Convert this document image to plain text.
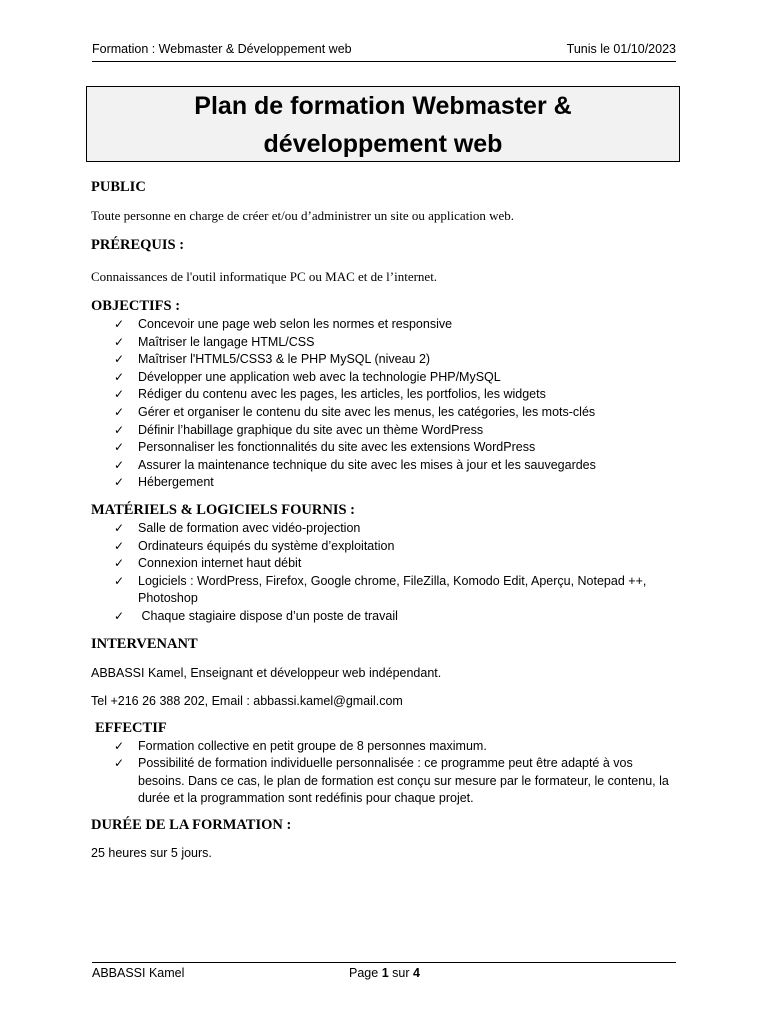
Formation : Webmaster & Développement web	Tunis le 01/10/2023
Plan de formation Webmaster &
développement web
PUBLIC

Toute personne en charge de créer et/ou d’administrer un site ou application web.

PRÉREQUIS :

Connaissances de l'outil informatique PC ou MAC et de l’internet.

OBJECTIFS :
✓ Concevoir une page web selon les normes et responsive
✓ Maîtriser le langage HTML/CSS
✓ Maîtriser l'HTML5/CSS3 & le PHP MySQL (niveau 2)
✓ Développer une application web avec la technologie PHP/MySQL
✓ Rédiger du contenu avec les pages, les articles, les portfolios, les widgets
✓ Gérer et organiser le contenu du site avec les menus, les catégories, les mots-clés
✓ Définir l’habillage graphique du site avec un thème WordPress
✓ Personnaliser les fonctionnalités du site avec les extensions WordPress
✓ Assurer la maintenance technique du site avec les mises à jour et les sauvegardes
✓ Hébergement
MATÉRIELS & LOGICIELS FOURNIS :
✓ Salle de formation avec vidéo-projection
✓ Ordinateurs équipés du système d’exploitation
✓ Connexion internet haut débit
✓ Logiciels : WordPress, Firefox, Google chrome, FileZilla, Komodo Edit, Aperçu, Notepad ++, Photoshop
✓ Chaque stagiaire dispose d’un poste de travail
INTERVENANT

ABBASSI Kamel, Enseignant et développeur web indépendant.

Tel +216 26 388 202, Email : abbassi.kamel@gmail.com

EFFECTIF
✓ Formation collective en petit groupe de 8 personnes maximum.
✓ Possibilité de formation individuelle personnalisée : ce programme peut être adapté à vos besoins. Dans ce cas, le plan de formation est conçu sur mesure par le formateur, le contenu, la durée et la programmation sont redéfinis pour chaque projet.
DURÉE DE LA FORMATION :

25 heures sur 5 jours.

ABBASSI Kamel	Page 1 sur 4
